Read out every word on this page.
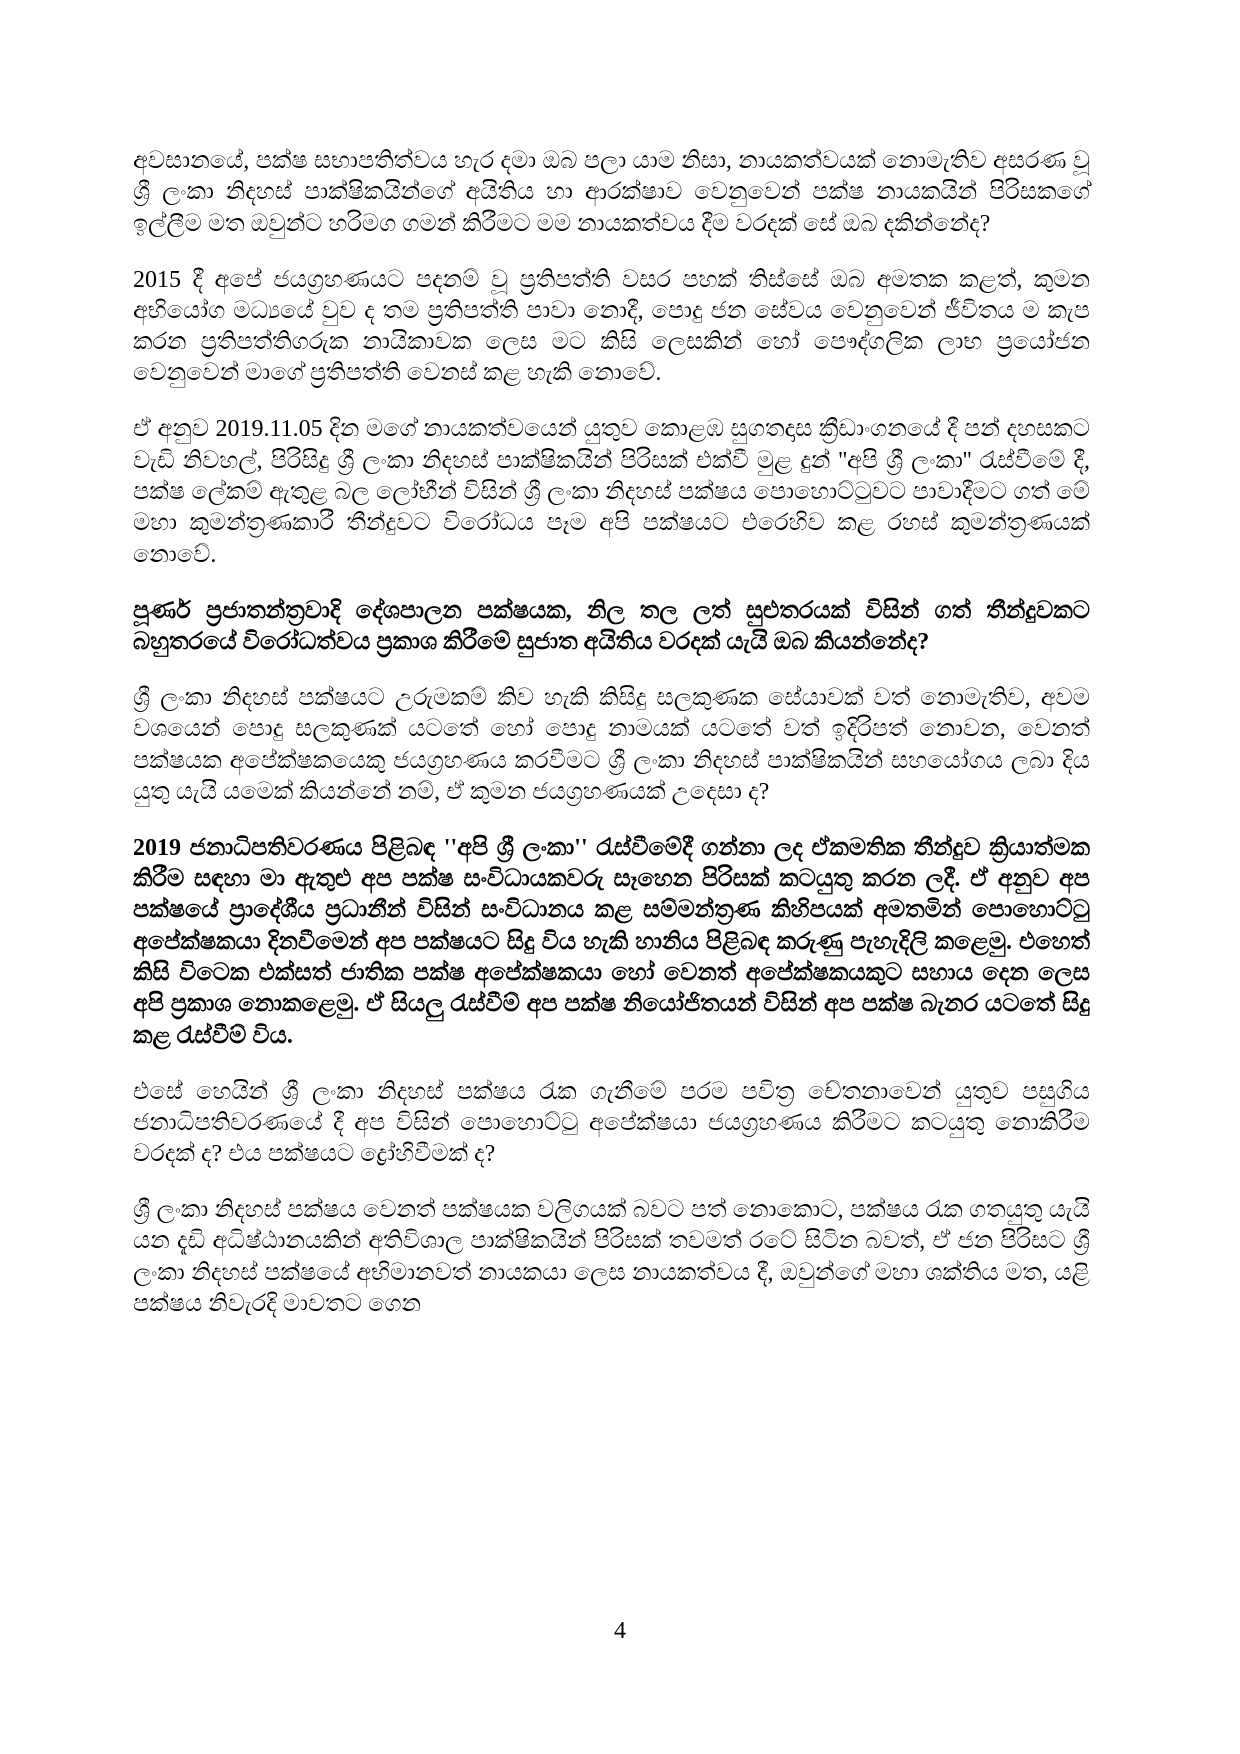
අවසානයේ, පක්ෂ සභාපතිත්වය හැර දමා ඔබ පලා යාම නිසා, නායකත්වයක් නොමැතිව අසරණ වූ ශ්‍රී ලංකා නිදහස් පාක්ෂිකයින්ගේ අයිතිය හා ආරක්ෂාව වෙනුවෙන් පක්ෂ නායකයින් පිරිසකගේ ඉල්ලීම මත ඔවුන්ට හරිමග ගමන් කිරීමට මම නායකත්වය දීම වරදක් සේ ඔබ දකින්නේද?

2015 දී අපේ ජයග්‍රහණයට පදනම් වූ ප්‍රතිපත්ති වසර පහක් තිස්සේ ඔබ අමතක කළත්, කුමන අභියෝග මධ්‍යයේ වුව ද තම ප්‍රතිපත්ති පාවා නොදී, පොදු ජන සේවය වෙනුවෙන් ජීවිතය ම කැප කරන ප්‍රතිපත්තිගරුක නායිකාවක ලෙස මට කිසි ලෙසකින් හෝ පෞද්ගලික ලාභ ප්‍රයෝජන වෙනුවෙන් මාගේ ප්‍රතිපත්ති වෙනස් කළ හැකි නොවේ.

ඒ අනුව 2019.11.05 දින මගේ නායකත්වයෙන් යුතුව කොළඹ සුගතදාස ක්‍රීඩාංගනයේ දී පන් දහසකට වැඩි නිවහල්, පිරිසිදු ශ්‍රී ලංකා නිදහස් පාක්ෂිකයින් පිරිසක් එක්වී මුළ දුන් ''අපි ශ්‍රී ලංකා'' රැස්වීමේ දී, පක්ෂ ලේකම් ඇතුළ බල ලෝභීන් විසින් ශ්‍රී ලංකා නිදහස් පක්ෂය පොහොට්ටුවට පාවාදීමට ගත් මේ මහා කුමන්ත්‍රණකාරී තීන්දුවට විරෝධය පෑම අපි පක්ෂයට එරෙහිව කළ රහස් කුමන්ත්‍රණයක් නොවේ.

පූර්ණ ප්‍රජාතන්ත්‍රවාදි දේශපාලන පක්ෂයක, නිල තල ලත් සුළුතරයක් විසින් ගත් තීන්දුවකට බහුතරයේ විරෝධත්වය ප්‍රකාශ කිරීමේ සුජාත අයිතිය වරදක් යැයි ඔබ කියන්නේද?

ශ්‍රී ලංකා නිදහස් පක්ෂයට උරුමකම් කිව හැකි කිසිදු සලකුණක සේයාවක් වත් නොමැතිව, අවම වශයෙන් පොදු සලකුණක් යටතේ හෝ පොදු නාමයක් යටතේ වත් ඉදිරිපත් නොවන, වෙනත් පක්ෂයක අපේක්ෂකයෙකු ජයග්‍රහණය කරවීමට ශ්‍රී ලංකා නිදහස් පාක්ෂිකයින් සහයෝගය ලබා දිය යුතු යැයි යමෙක් කියන්නේ නම්, ඒ කුමන ජයග්‍රහණයක් උදෙසා ද?

2019 ජනාධිපතිවරණය පිළිබඳ ''අපි ශ්‍රී ලංකා'' රැස්වීමේදී ගන්නා ලද ඒකමතික තීන්දුව ක්‍රියාත්මක කිරීම සඳහා මා ඇතුළු අප පක්ෂ සංවිධායකවරු සෑහෙන පිරිසක් කටයුතු කරන ලදී. ඒ අනුව අප පක්ෂයේ ප්‍රාදේශීය ප්‍රධානීන් විසින් සංවිධානය කළ සම්මන්ත්‍රණ කිහිපයක් අමතමින් පොහොට්ටු අපේක්ෂකයා දිනවීමෙන් අප පක්ෂයට සිදු විය හැකි හානිය පිළිබඳ කරුණු පැහැදිලි කළෙමු. එහෙත් කිසි විටෙක එක්සත් ජාතික පක්ෂ අපේක්ෂකයා හෝ වෙනත් අපේක්ෂකයකුට සහාය දෙන ලෙස අපි ප්‍රකාශ නොකළෙමු. ඒ සියලු රැස්වීම් අප පක්ෂ නියෝජිතයන් විසින් අප පක්ෂ බැනර යටතේ සිදු කළ රැස්වීම් විය.

එසේ හෙයින් ශ්‍රී ලංකා නිදහස් පක්ෂය රැක ගැනීමේ පරම පවිත්‍ර චේතනාවෙන් යුතුව පසුගිය ජනාධිපතිවරණයේ දී අප විසින් පොහොට්ටු අපේක්ෂයා ජයග්‍රහණය කිරීමට කටයුතු නොකිරීම වරදක් ද? එය පක්ෂයට ද්‍රෝහිවීමක් ද?

ශ්‍රී ලංකා නිදහස් පක්ෂය වෙනත් පක්ෂයක වලිගයක් බවට පත් නොකොට, පක්ෂය රැක ගතයුතු යැයි යන දැඩි අධිෂ්ඨානයකින් අතිවිශාල පාක්ෂිකයින් පිරිසක් තවමත් රටේ සිටින බවත්, ඒ ජන පිරිසට ශ්‍රී ලංකා නිදහස් පක්ෂයේ අභිමානවත් නායකයා ලෙස නායකත්වය දී, ඔවුන්ගේ මහා ශක්තිය මත, යළි පක්ෂය නිවැරදි මාවතට ගෙන

4
